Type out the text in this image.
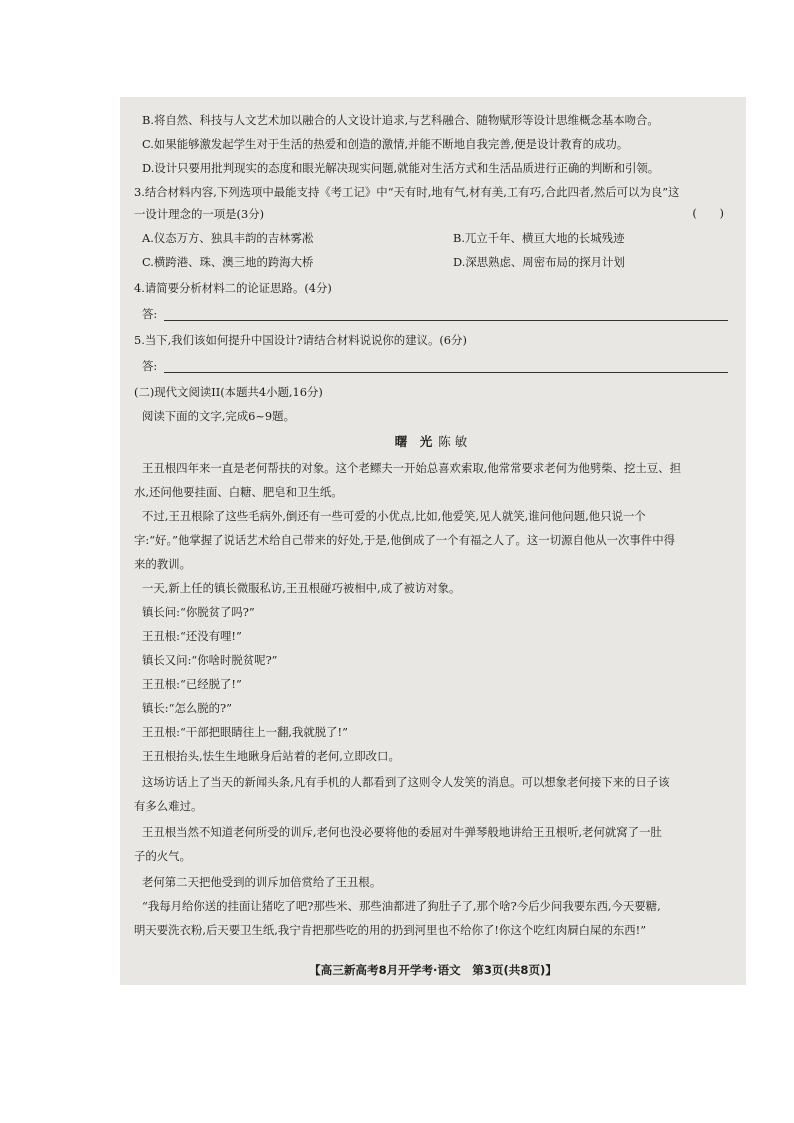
B.将自然、科技与人文艺术加以融合的人文设计追求,与艺科融合、随物赋形等设计思维概念基本吻合。
C.如果能够激发起学生对于生活的热爱和创造的激情,并能不断地自我完善,便是设计教育的成功。
D.设计只要用批判现实的态度和眼光解决现实问题,就能对生活方式和生活品质进行正确的判断和引领。
3.结合材料内容,下列选项中最能支持《考工记》中“天有时,地有气,材有美,工有巧,合此四者,然后可以为良”这
一设计理念的一项是(3分)	(　　)
A.仪态万方、独具丰韵的吉林雾凇	B.兀立千年、横亘大地的长城残迹
C.横跨港、珠、澳三地的跨海大桥	D.深思熟虑、周密布局的探月计划
4.请简要分析材料二的论证思路。(4分)
答:
5.当下,我们该如何提升中国设计?请结合材料说说你的建议。(6分)
答:
(二)现代文阅读II(本题共4小题,16分)
阅读下面的文字,完成6~9题。
曙　光 陈敏
王丑根四年来一直是老何帮扶的对象。这个老鳏夫一开始总喜欢索取,他常常要求老何为他劈柴、挖土豆、担
水,还问他要挂面、白糖、肥皂和卫生纸。
不过,王丑根除了这些毛病外,倒还有一些可爱的小优点,比如,他爱笑,见人就笑,谁问他问题,他只说一个
字:“好。”他掌握了说话艺术给自己带来的好处,于是,他倒成了一个有福之人了。这一切源自他从一次事件中得
来的教训。
一天,新上任的镇长微服私访,王丑根碰巧被相中,成了被访对象。
镇长问:“你脱贫了吗?”
王丑根:“还没有哩!”
镇长又问:“你啥时脱贫呢?”
王丑根:“已经脱了!”
镇长:“怎么脱的?”
王丑根:“干部把眼睛往上一翻,我就脱了!”
王丑根抬头,怯生生地瞅身后站着的老何,立即改口。
这场访话上了当天的新闻头条,凡有手机的人都看到了这则令人发笑的消息。可以想象老何接下来的日子该
有多么难过。
王丑根当然不知道老何所受的训斥,老何也没必要将他的委屈对牛弹琴般地讲给王丑根听,老何就窝了一肚
子的火气。
老何第二天把他受到的训斥加倍赏给了王丑根。
“我每月给你送的挂面让猪吃了吧?那些米、那些油都进了狗肚子了,那个啥?今后少问我要东西,今天要糖,
明天要洗衣粉,后天要卫生纸,我宁肯把那些吃的用的扔到河里也不给你了!你这个吃红肉屙白屎的东西!”
【高三新高考8月开学考·语文　第3页(共8页)】
